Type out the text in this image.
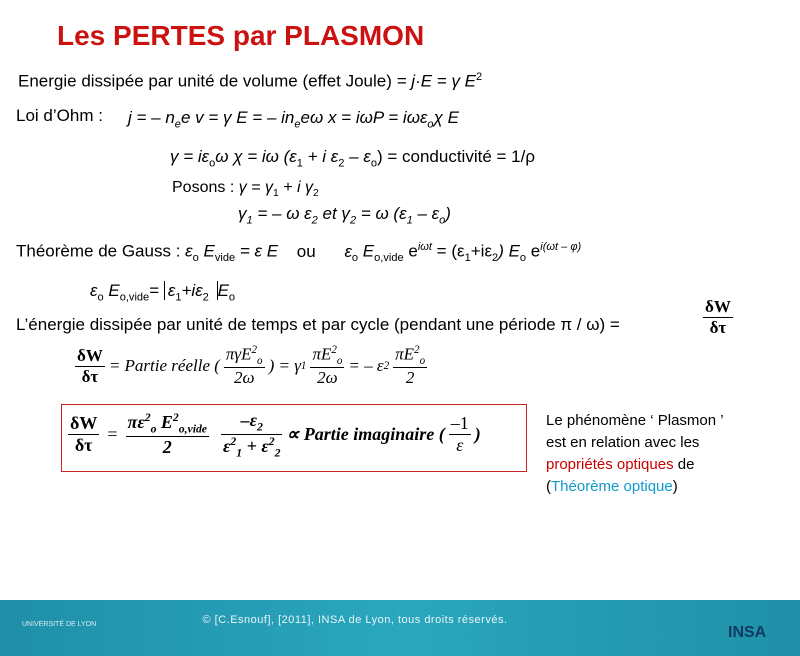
Les PERTES par PLASMON
Energie dissipée par unité de volume (effet Joule) = j·E = γ $E^2$
Loi d’Ohm : j = – $n_ee$ v = γ E = – $in_ee\omega$ x = iωP = iωε$_o$χ E
$\gamma = i\varepsilon_o\omega$ χ = iω ($\varepsilon_1 + i$ $\varepsilon_2 - \varepsilon_o$) = conductivité = 1/ρ
Posons : $\gamma = \gamma_1 + i$ $\gamma_2$
$\gamma_1$ = – ω $\varepsilon_2$ et $\gamma_2 = \omega$ $(\varepsilon_1 - \varepsilon_o)$
Théorème de Gauss : $\varepsilon_o$ $E_{vide} = \varepsilon$ E ou $\varepsilon_o$ $E_{o,vide}$ $e^{i\omega t} = (\varepsilon_1+i\varepsilon_2)$ $E_o$ $e^{i(\omega t - \varphi)}$
$\varepsilon_o$ $E_{o,vide}= \varepsilon_1+i\varepsilon_2$ $E_o$
L’énergie dissipée par unité de temps et par cycle (pendant une période π / ω) =	$\frac{\delta W}{\delta\tau}$
$\frac{\delta W}{\delta\tau}$ = Partie réelle ( $\frac{\pi\gamma E^2_o}{2\omega}$ ) = γ $1 \frac{\pi E^2_o}{2\omega}$ = – ε $2 \frac{\pi E^2_o}{2}$
$\frac{\delta W}{\delta\tau} = \frac{\pi\varepsilon^2_o E^2_{o,vide}}{2} \frac{-\varepsilon_2}{\varepsilon^2_1 + \varepsilon^2_2}$ ∝ Partie imaginaire ( $\frac{-1}{\varepsilon}$ )
Le phénomène ‘ Plasmon ’
est en relation avec les
propriétés optiques de
(Théorème optique)
UNIVERSITÉ DE LYON	© [C.Esnouf], [2011], INSA de Lyon, tous droits réservés.
INSA
